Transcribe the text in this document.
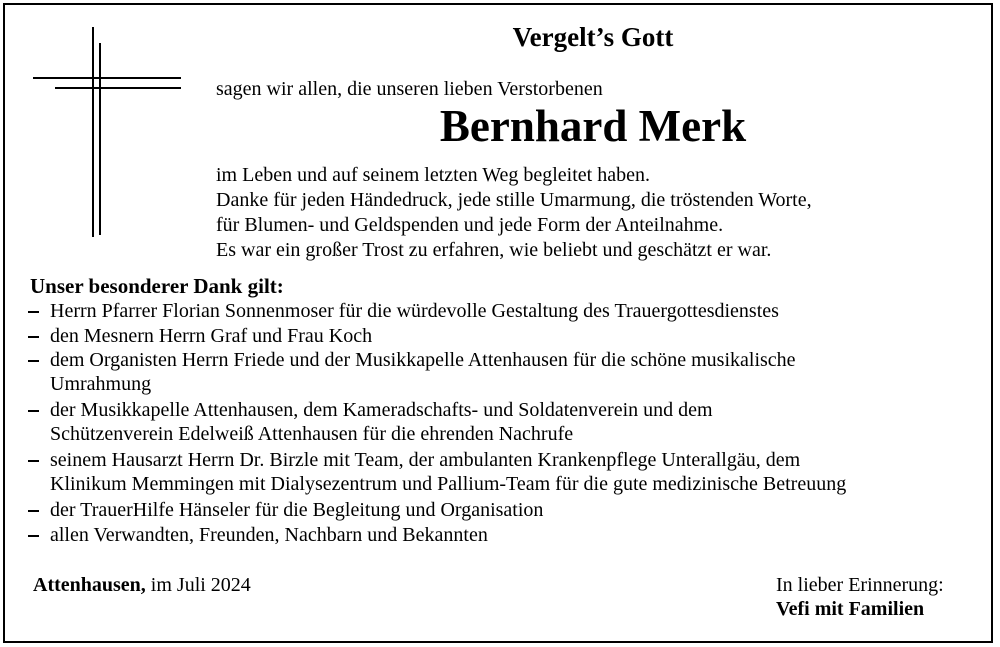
Vergelt’s Gott
sagen wir allen, die unseren lieben Verstorbenen
Bernhard Merk
im Leben und auf seinem letzten Weg begleitet haben.
Danke für jeden Händedruck, jede stille Umarmung, die tröstenden Worte,
für Blumen- und Geldspenden und jede Form der Anteilnahme.
Es war ein großer Trost zu erfahren, wie beliebt und geschätzt er war.
Unser besonderer Dank gilt:
Herrn Pfarrer Florian Sonnenmoser für die würdevolle Gestaltung des Trauergottesdienstes
den Mesnern Herrn Graf und Frau Koch
dem Organisten Herrn Friede und der Musikkapelle Attenhausen für die schöne musikalische
Umrahmung
der Musikkapelle Attenhausen, dem Kameradschafts- und Soldatenverein und dem
Schützenverein Edelweiß Attenhausen für die ehrenden Nachrufe
seinem Hausarzt Herrn Dr. Birzle mit Team, der ambulanten Krankenpflege Unterallgäu, dem
Klinikum Memmingen mit Dialysezentrum und Pallium-Team für die gute medizinische Betreuung
der TrauerHilfe Hänseler für die Begleitung und Organisation
allen Verwandten, Freunden, Nachbarn und Bekannten
Attenhausen, im Juli 2024	In lieber Erinnerung:
Vefi mit Familien
